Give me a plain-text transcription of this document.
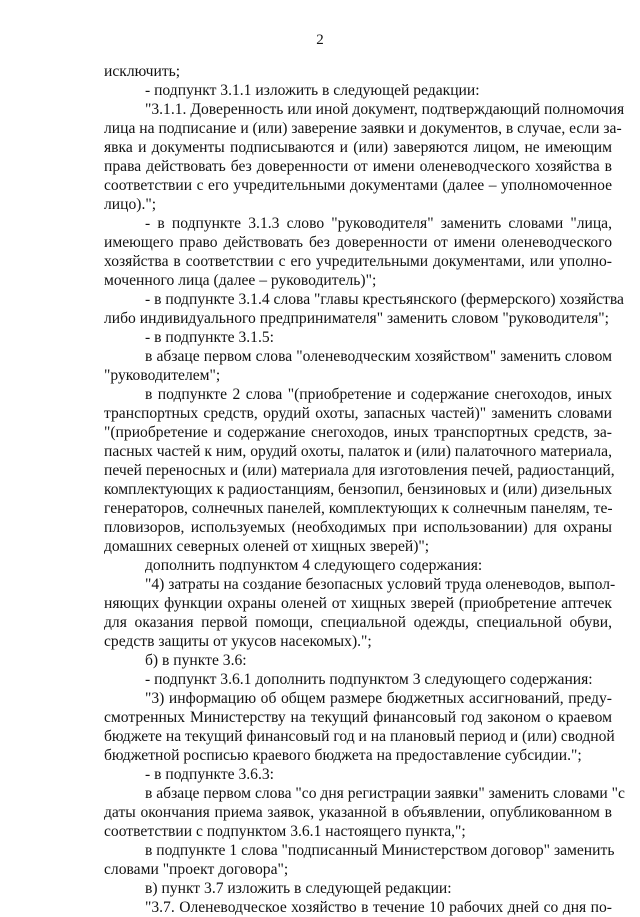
2
исключить;
- подпункт 3.1.1 изложить в следующей редакции:
"3.1.1. Доверенность или иной документ, подтверждающий полномочия
лица на подписание и (или) заверение заявки и документов, в случае, если за-
явка и документы подписываются и (или) заверяются лицом, не имеющим
права действовать без доверенности от имени оленеводческого хозяйства в
соответствии с его учредительными документами (далее – уполномоченное
лицо).";
- в подпункте 3.1.3 слово "руководителя" заменить словами "лица,
имеющего право действовать без доверенности от имени оленеводческого
хозяйства в соответствии с его учредительными документами, или уполно-
моченного лица (далее – руководитель)";
- в подпункте 3.1.4 слова "главы крестьянского (фермерского) хозяйства
либо индивидуального предпринимателя" заменить словом "руководителя";
- в подпункте 3.1.5:
в абзаце первом слова "оленеводческим хозяйством" заменить словом
"руководителем";
в подпункте 2 слова "(приобретение и содержание снегоходов, иных
транспортных средств, орудий охоты, запасных частей)" заменить словами
"(приобретение и содержание снегоходов, иных транспортных средств, за-
пасных частей к ним, орудий охоты, палаток и (или) палаточного материала,
печей переносных и (или) материала для изготовления печей, радиостанций,
комплектующих к радиостанциям, бензопил, бензиновых и (или) дизельных
генераторов, солнечных панелей, комплектующих к солнечным панелям, те-
пловизоров, используемых (необходимых при использовании) для охраны
домашних северных оленей от хищных зверей)";
дополнить подпунктом 4 следующего содержания:
"4) затраты на создание безопасных условий труда оленеводов, выпол-
няющих функции охраны оленей от хищных зверей (приобретение аптечек
для оказания первой помощи, специальной одежды, специальной обуви,
средств защиты от укусов насекомых).";
б) в пункте 3.6:
- подпункт 3.6.1 дополнить подпунктом 3 следующего содержания:
"3) информацию об общем размере бюджетных ассигнований, преду-
смотренных Министерству на текущий финансовый год законом о краевом
бюджете на текущий финансовый год и на плановый период и (или) сводной
бюджетной росписью краевого бюджета на предоставление субсидии.";
- в подпункте 3.6.3:
в абзаце первом слова "со дня регистрации заявки" заменить словами "с
даты окончания приема заявок, указанной в объявлении, опубликованном в
соответствии с подпунктом 3.6.1 настоящего пункта,";
в подпункте 1 слова "подписанный Министерством договор" заменить
словами "проект договора";
в) пункт 3.7 изложить в следующей редакции:
"3.7. Оленеводческое хозяйство в течение 10 рабочих дней со дня по-
